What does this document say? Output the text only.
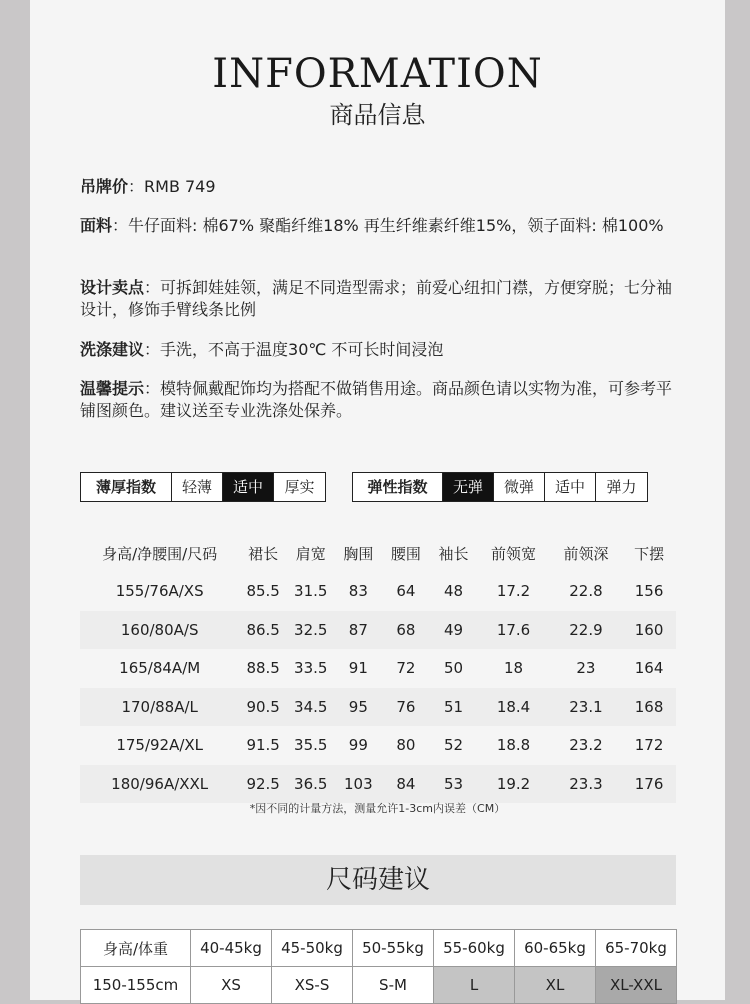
INFORMATION
商品信息
吊牌价：RMB 749
面料：牛仔面料: 棉67% 聚酯纤维18% 再生纤维素纤维15%，领子面料: 棉100%
设计卖点：可拆卸娃娃领，满足不同造型需求；前爱心纽扣门襟，方便穿脱；七分袖设计，修饰手臂线条比例
洗涤建议：手洗，不高于温度30℃ 不可长时间浸泡
温馨提示：模特佩戴配饰均为搭配不做销售用途。商品颜色请以实物为准，可参考平铺图颜色。建议送至专业洗涤处保养。
薄厚指数	轻薄	适中	厚实	弹性指数	无弹	微弹	适中	弹力
身高/净腰围/尺码	裙长	肩宽	胸围	腰围	袖长	前领宽	前领深	下摆
155/76A/XS	85.5	31.5	83	64	48	17.2	22.8	156
160/80A/S	86.5	32.5	87	68	49	17.6	22.9	160
165/84A/M	88.5	33.5	91	72	50	18	23	164
170/88A/L	90.5	34.5	95	76	51	18.4	23.1	168
175/92A/XL	91.5	35.5	99	80	52	18.8	23.2	172
180/96A/XXL	92.5	36.5	103	84	53	19.2	23.3	176
*因不同的计量方法，测量允许1-3cm内误差（CM）
尺码建议
身高/体重	40-45kg	45-50kg	50-55kg	55-60kg	60-65kg	65-70kg
150-155cm	XS	XS-S	S-M	L	XL	XL-XXL
